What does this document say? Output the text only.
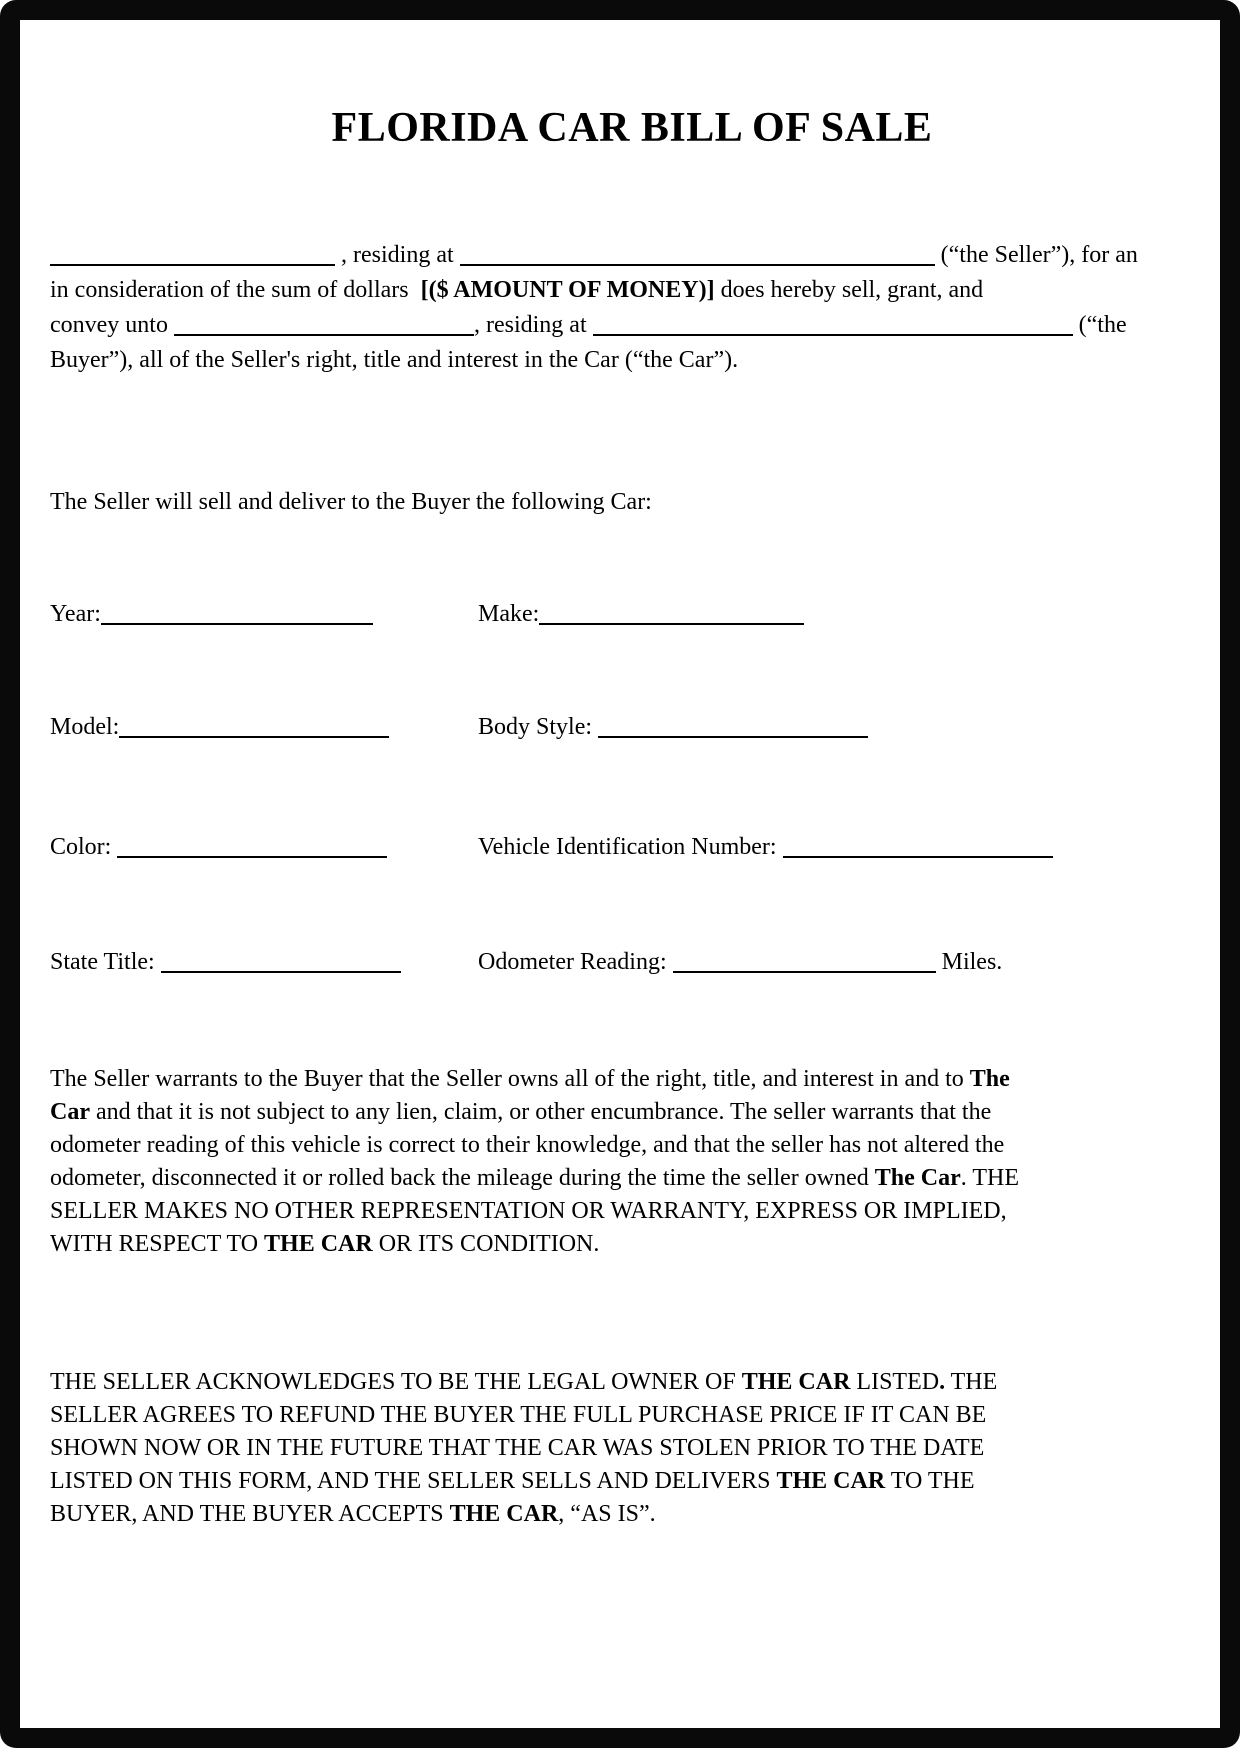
FLORIDA CAR BILL OF SALE
, residing at	(“the Seller”), for an
in consideration of the sum of dollars  [($ AMOUNT OF MONEY)] does hereby sell, grant, and
convey unto	, residing at	(“the
Buyer”), all of the Seller's right, title and interest in the Car (“the Car”).
The Seller will sell and deliver to the Buyer the following Car:
Year:	Make:
Model:	Body Style:
Color:	Vehicle Identification Number:
State Title:	Odometer Reading:	Miles.
The Seller warrants to the Buyer that the Seller owns all of the right, title, and interest in and to The
Car and that it is not subject to any lien, claim, or other encumbrance. The seller warrants that the
odometer reading of this vehicle is correct to their knowledge, and that the seller has not altered the
odometer, disconnected it or rolled back the mileage during the time the seller owned The Car. THE
SELLER MAKES NO OTHER REPRESENTATION OR WARRANTY, EXPRESS OR IMPLIED,
WITH RESPECT TO THE CAR OR ITS CONDITION.
THE SELLER ACKNOWLEDGES TO BE THE LEGAL OWNER OF THE CAR LISTED. THE
SELLER AGREES TO REFUND THE BUYER THE FULL PURCHASE PRICE IF IT CAN BE
SHOWN NOW OR IN THE FUTURE THAT THE CAR WAS STOLEN PRIOR TO THE DATE
LISTED ON THIS FORM, AND THE SELLER SELLS AND DELIVERS THE CAR TO THE
BUYER, AND THE BUYER ACCEPTS THE CAR, “AS IS”.
